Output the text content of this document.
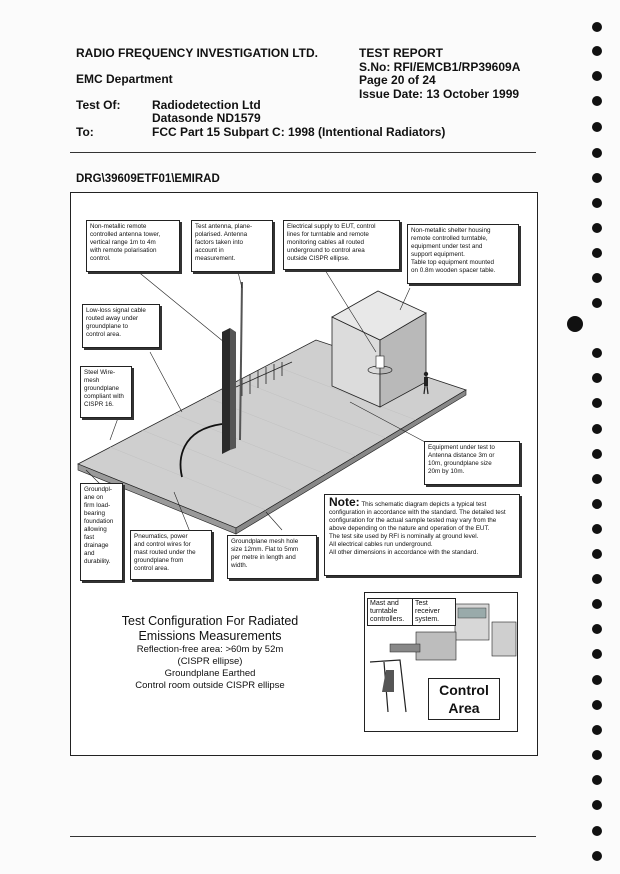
RADIO FREQUENCY INVESTIGATION LTD.
EMC Department
TEST REPORT
S.No: RFI/EMCB1/RP39609A
Page 20 of 24
Issue Date: 13 October 1999
Test Of:	Radiodetection Ltd
Datasonde ND1579
To:	FCC Part 15 Subpart C: 1998 (Intentional Radiators)
DRG\39609ETF01\EMIRAD
Non-metallic remote
controlled antenna tower,
vertical range 1m to 4m
with remote polarisation
control.
Test antenna, plane-
polarised. Antenna
factors taken into
account in
measurement.
Electrical supply to EUT, control
lines for turntable and remote
monitoring cables all routed
underground to control area
outside CISPR ellipse.
Non-metallic shelter housing
remote controlled turntable,
equipment under test and
support equipment.
Table top equipment mounted
on 0.8m wooden spacer table.
Low-loss signal cable
routed away under
groundplane to
control area.
Steel Wire-
mesh
groundplane
compliant with
CISPR 16.
Equipment under test to
Antenna distance 3m or
10m, groundplane size
20m by 10m.
Groundpl-
ane on
firm load-
bearing
foundation
allowing
fast
drainage
and
durability.
Pneumatics, power
and control wires for
mast routed under the
groundplane from
control area.
Groundplane mesh hole
size 12mm. Flat to 5mm
per metre in length and
width.
Note: This schematic diagram depicts a typical test configuration in accordance with the standard. The detailed test configuration for the actual sample tested may vary from the above depending on the nature and operation of the EUT.
The test site used by RFI is nominally at ground level.
All electrical cables run underground.
All other dimensions in accordance with the standard.
Test Configuration For Radiated
Emissions Measurements
Reflection-free area: >60m by 52m
(CISPR ellipse)
Groundplane Earthed
Control room outside CISPR ellipse
Mast and
turntable
controllers.
Test
receiver
system.
Control
Area
